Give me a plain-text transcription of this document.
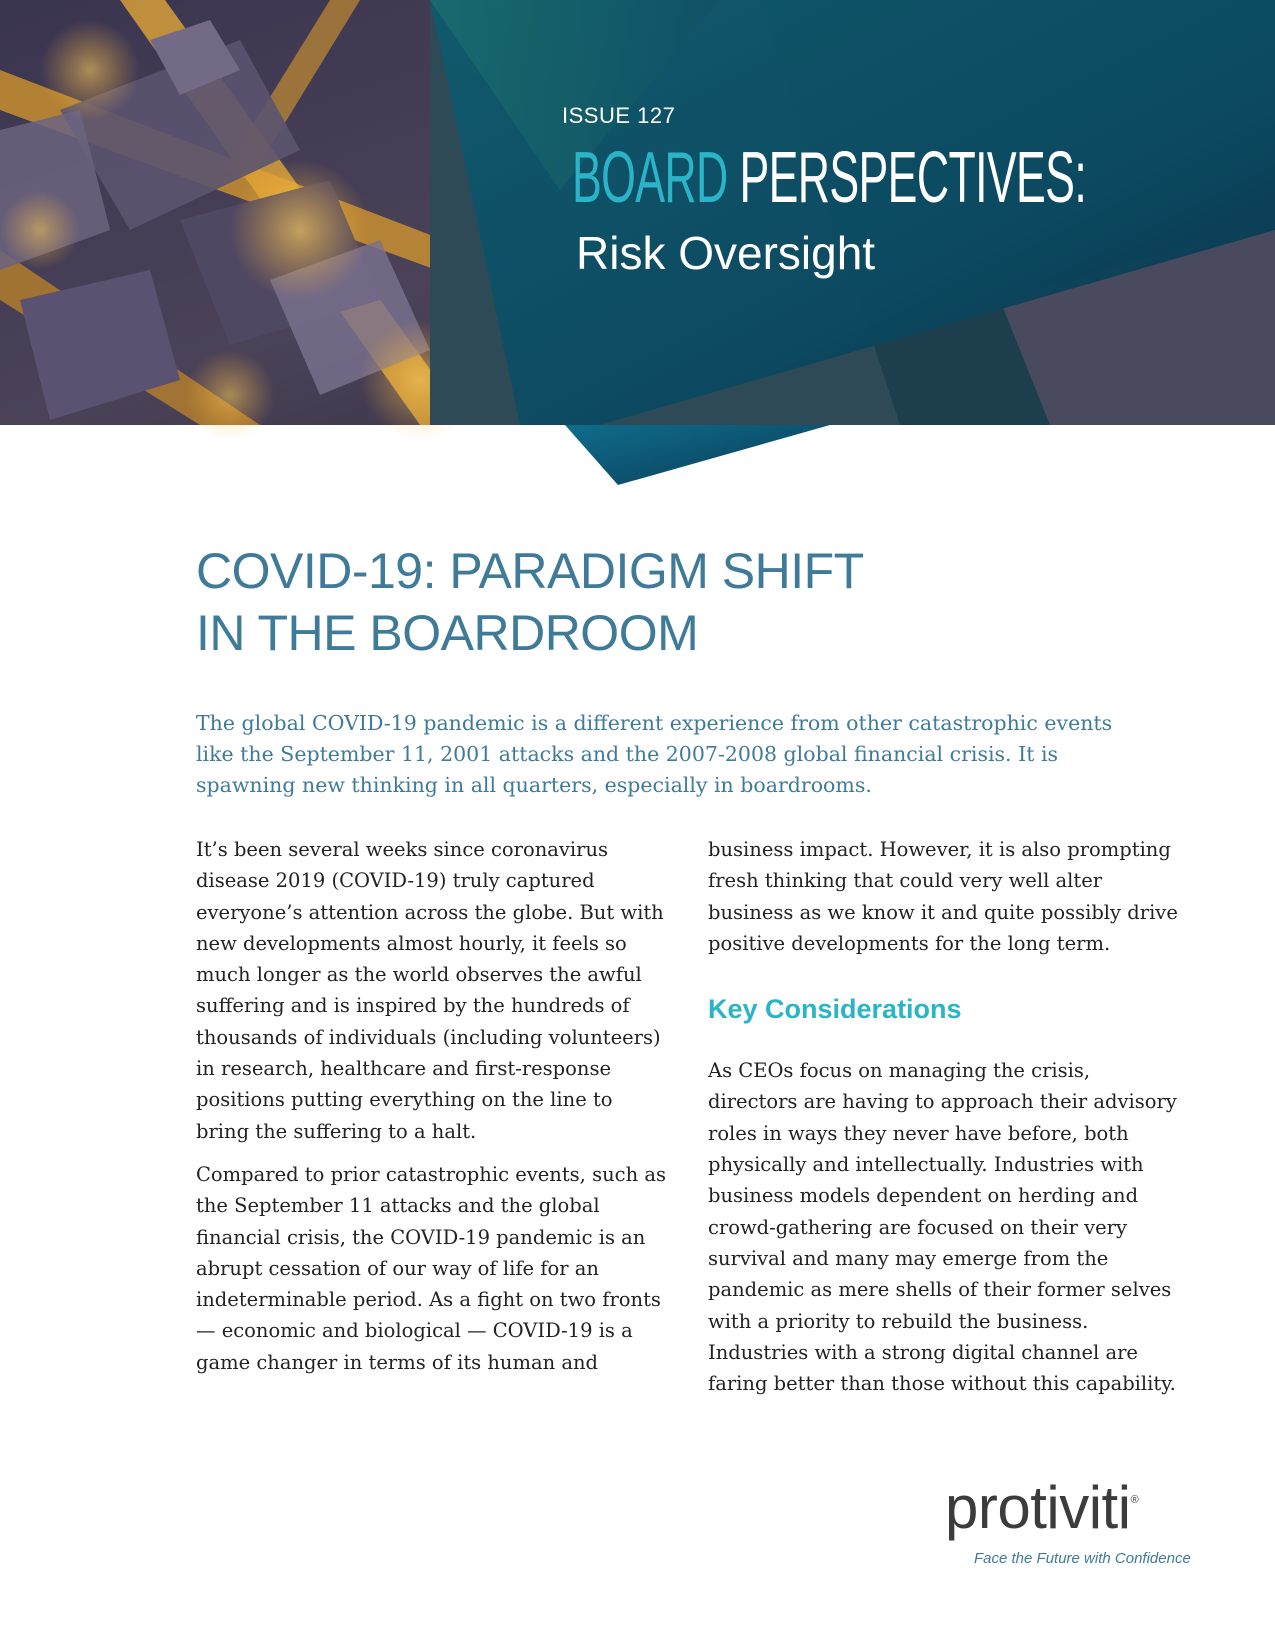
ISSUE 127
BOARD PERSPECTIVES:
Risk Oversight
COVID-19: PARADIGM SHIFT
IN THE BOARDROOM

The global COVID-19 pandemic is a different experience from other catastrophic events like the September 11, 2001 attacks and the 2007-2008 global financial crisis. It is spawning new thinking in all quarters, especially in boardrooms.

It’s been several weeks since coronavirus disease 2019 (COVID-19) truly captured everyone’s attention across the globe. But with new developments almost hourly, it feels so much longer as the world observes the awful suffering and is inspired by the hundreds of thousands of individuals (including volunteers) in research, healthcare and first-response positions putting everything on the line to bring the suffering to a halt.

Compared to prior catastrophic events, such as the September 11 attacks and the global financial crisis, the COVID-19 pandemic is an abrupt cessation of our way of life for an indeterminable period. As a fight on two fronts — economic and biological — COVID-19 is a game changer in terms of its human and

business impact. However, it is also prompting fresh thinking that could very well alter business as we know it and quite possibly drive positive developments for the long term.

Key Considerations

As CEOs focus on managing the crisis, directors are having to approach their advisory roles in ways they never have before, both physically and intellectually. Industries with business models dependent on herding and crowd-gathering are focused on their very survival and many may emerge from the pandemic as mere shells of their former selves with a priority to rebuild the business. Industries with a strong digital channel are faring better than those without this capability.

protiviti®
Face the Future with Confidence
